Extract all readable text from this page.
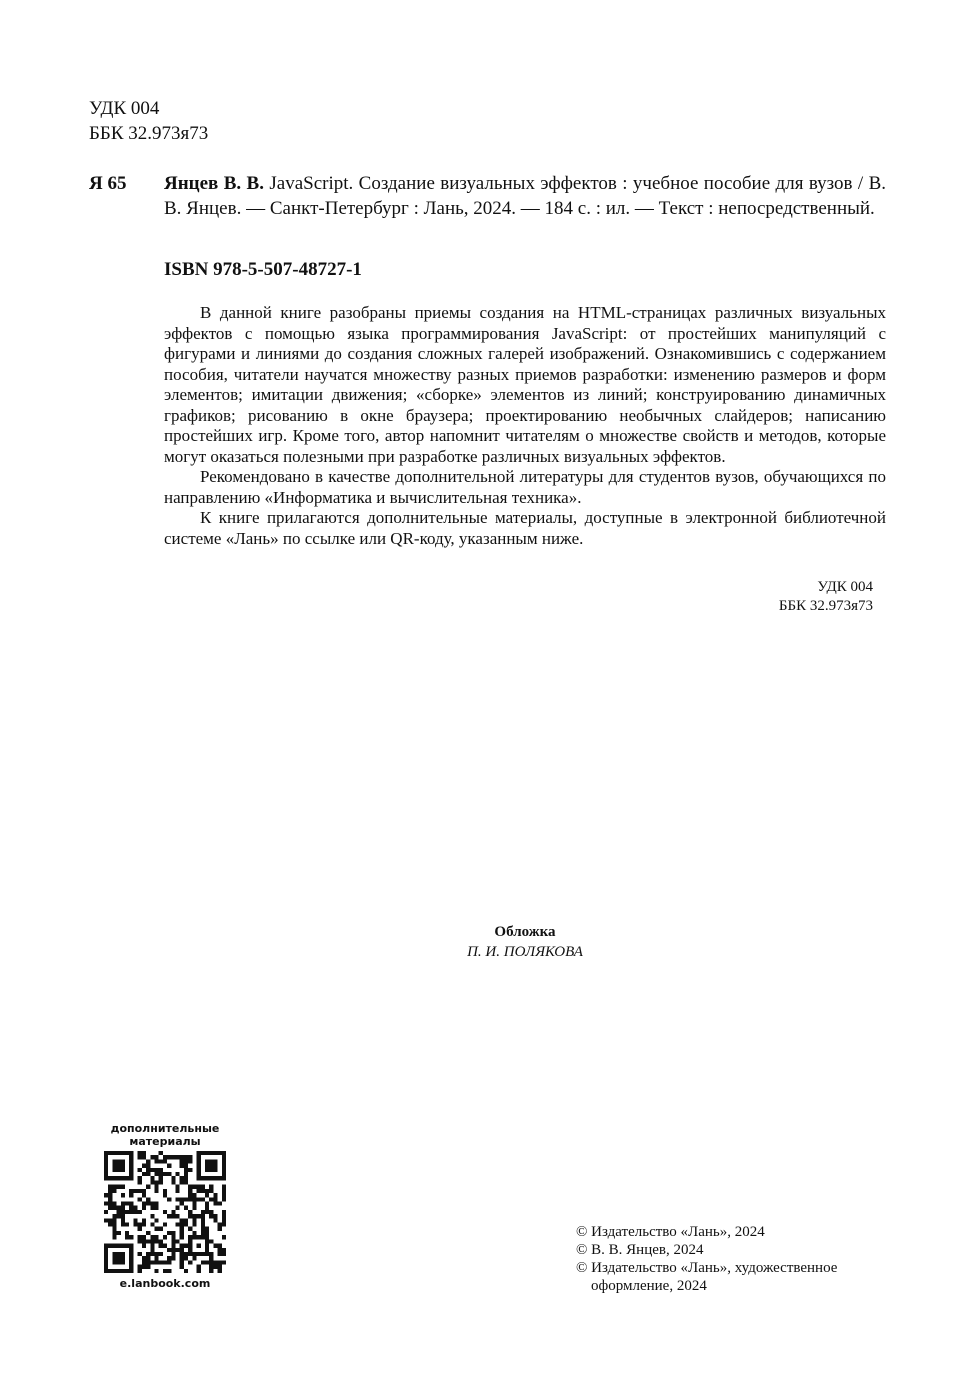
УДК 004
ББК 32.973я73
Я 65 Янцев В. В. JavaScript. Создание визуальных эффектов : учебное пособие для вузов / В. В. Янцев. — Санкт-Петербург : Лань, 2024. — 184 с. : ил. — Текст : непосредственный.
ISBN 978-5-507-48727-1

В данной книге разобраны приемы создания на HTML-страницах различных визуальных эффектов с помощью языка программирования JavaScript: от простейших манипуляций с фигурами и линиями до создания сложных галерей изображений. Ознакомившись с содержанием пособия, читатели научатся множеству разных приемов разработки: изменению размеров и форм элементов; имитации движения; «сборке» элементов из линий; конструированию динамичных графиков; рисованию в окне браузера; проектированию необычных слайдеров; написанию простейших игр. Кроме того, автор напомнит читателям о множестве свойств и методов, которые могут оказаться полезными при разработке различных визуальных эффектов.

Рекомендовано в качестве дополнительной литературы для студентов вузов, обучающихся по направлению «Информатика и вычислительная техника».

К книге прилагаются дополнительные материалы, доступные в электронной библиотечной системе «Лань» по ссылке или QR-коду, указанным ниже.

УДК 004
ББК 32.973я73
Обложка
П. И. ПОЛЯКОВА
дополнительные
материалы
e.lanbook.com
© Издательство «Лань», 2024
© В. В. Янцев, 2024
© Издательство «Лань», художественное оформление, 2024
